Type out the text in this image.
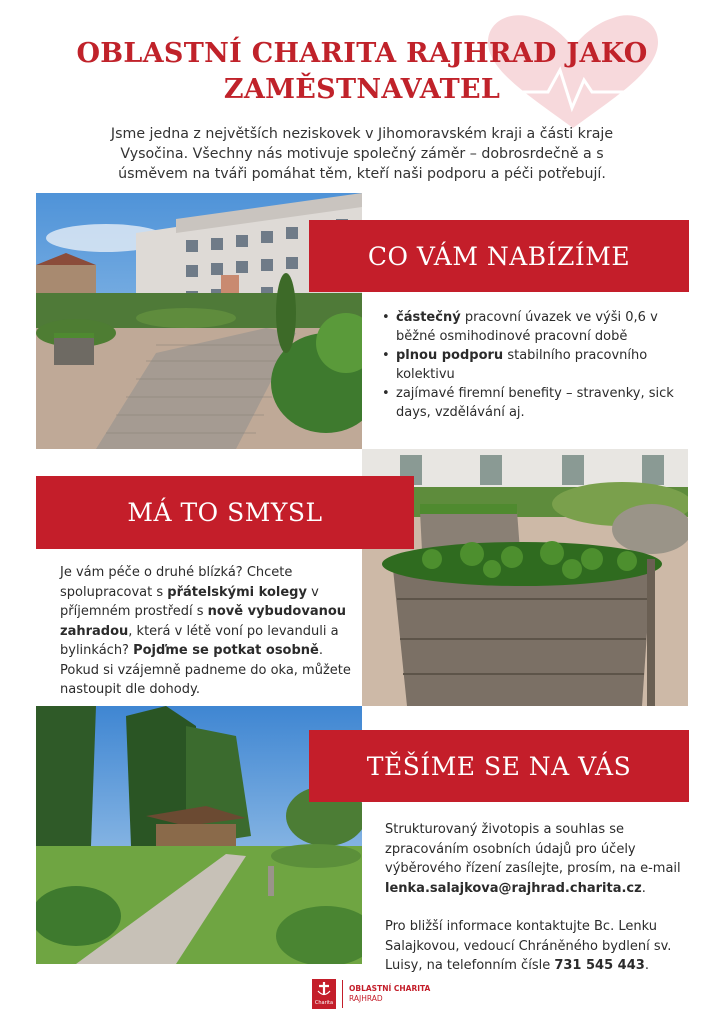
OBLASTNÍ CHARITA RAJHRAD JAKO
ZAMĚSTNAVATEL
Jsme jedna z největších neziskovek v Jihomoravském kraji a části kraje
Vysočina. Všechny nás motivuje společný záměr – dobrosrdečně a s
úsměvem na tváři pomáhat těm, kteří naši podporu a péči potřebují.
CO VÁM NABÍZÍME
• částečný pracovní úvazek ve výši 0,6 v běžné osmihodinové pracovní době
• plnou podporu stabilního pracovního kolektivu
• zajímavé firemní benefity – stravenky, sick days, vzdělávání aj.
MÁ TO SMYSL

Je vám péče o druhé blízká? Chcete spolupracovat s přátelskými kolegy v příjemném prostředí s nově vybudovanou zahradou, která v létě voní po levanduli a bylinkách? Pojďme se potkat osobně. Pokud si vzájemně padneme do oka, můžete nastoupit dle dohody.

TĚŠÍME SE NA VÁS

Strukturovaný životopis a souhlas se zpracováním osobních údajů pro účely výběrového řízení zasílejte, prosím, na e-mail lenka.salajkova@rajhrad.charita.cz.

Pro bližší informace kontaktujte Bc. Lenku Salajkovou, vedoucí Chráněného bydlení sv. Luisy, na telefonním čísle 731 545 443.

Charita
OBLASTNÍ CHARITA
RAJHRAD
